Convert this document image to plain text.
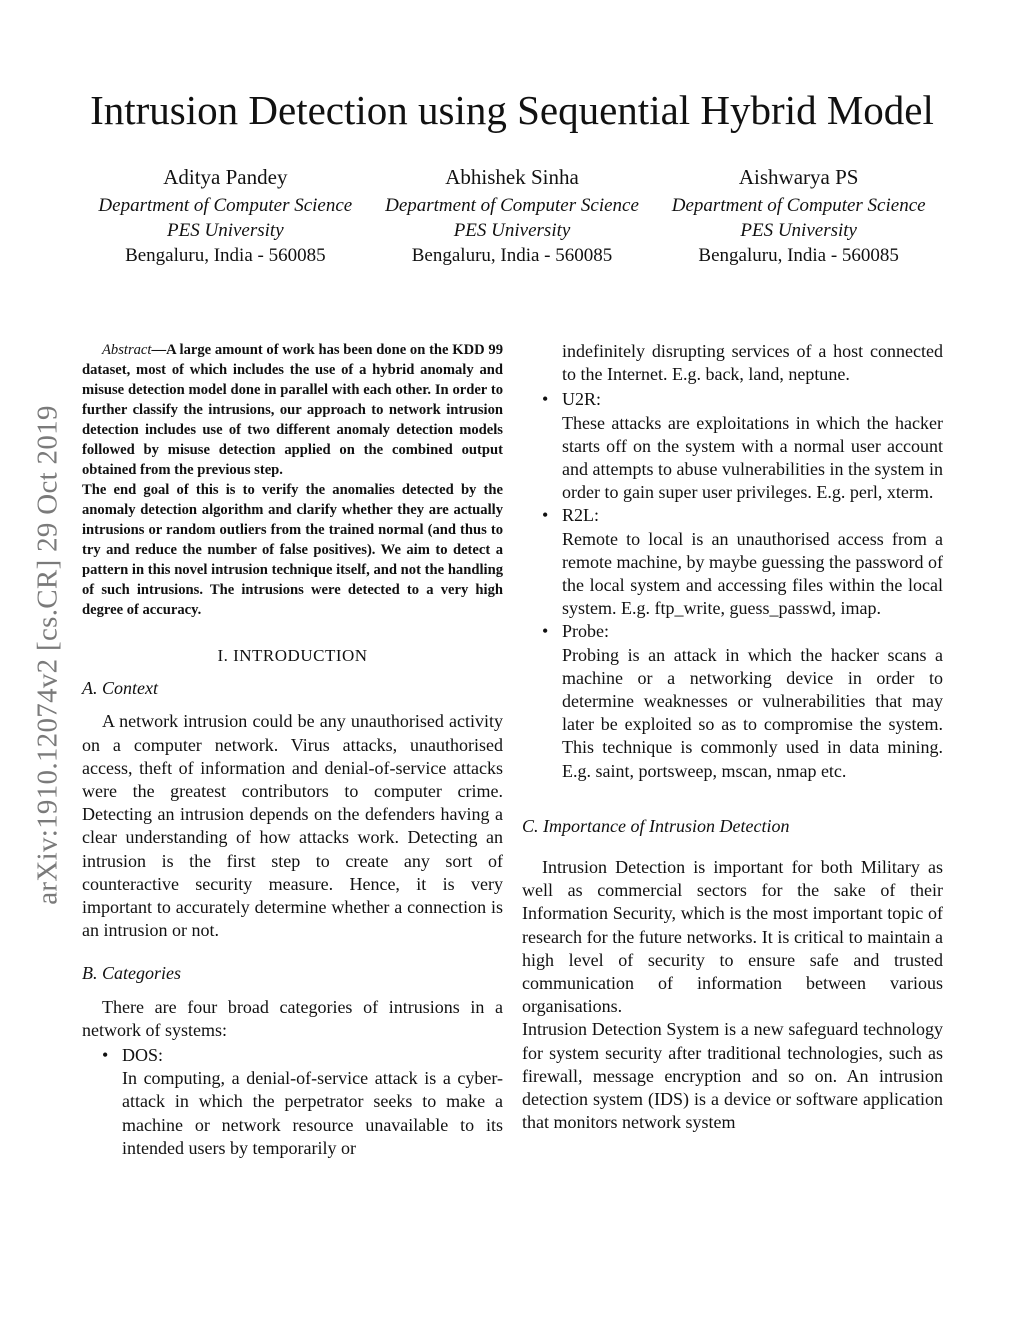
arXiv:1910.12074v2 [cs.CR] 29 Oct 2019
Intrusion Detection using Sequential Hybrid Model
Aditya Pandey
Department of Computer Science
PES University
Bengaluru, India - 560085
Abhishek Sinha
Department of Computer Science
PES University
Bengaluru, India - 560085
Aishwarya PS
Department of Computer Science
PES University
Bengaluru, India - 560085

Abstract—A large amount of work has been done on the KDD 99 dataset, most of which includes the use of a hybrid anomaly and misuse detection model done in parallel with each other. In order to further classify the intrusions, our approach to network intrusion detection includes use of two different anomaly detection models followed by misuse detection applied on the combined output obtained from the previous step.

The end goal of this is to verify the anomalies detected by the anomaly detection algorithm and clarify whether they are actually intrusions or random outliers from the trained normal (and thus to try and reduce the number of false positives). We aim to detect a pattern in this novel intrusion technique itself, and not the handling of such intrusions. The intrusions were detected to a very high degree of accuracy.

I. INTRODUCTION
A. Context

A network intrusion could be any unauthorised activity on a computer network. Virus attacks, unauthorised access, theft of information and denial-of-service attacks were the greatest contributors to computer crime. Detecting an intrusion depends on the defenders having a clear understanding of how attacks work. Detecting an intrusion is the first step to create any sort of counteractive security measure. Hence, it is very important to accurately determine whether a connection is an intrusion or not.

B. Categories

There are four broad categories of intrusions in a network of systems:

• DOS:

In computing, a denial-of-service attack is a cyber-attack in which the perpetrator seeks to make a machine or network resource unavailable to its intended users by temporarily or

indefinitely disrupting services of a host connected to the Internet. E.g. back, land, neptune.

• U2R:

These attacks are exploitations in which the hacker starts off on the system with a normal user account and attempts to abuse vulnerabilities in the system in order to gain super user privileges. E.g. perl, xterm.

• R2L:

Remote to local is an unauthorised access from a remote machine, by maybe guessing the password of the local system and accessing files within the local system. E.g. ftp_write, guess_passwd, imap.

• Probe:

Probing is an attack in which the hacker scans a machine or a networking device in order to determine weaknesses or vulnerabilities that may later be exploited so as to compromise the system. This technique is commonly used in data mining. E.g. saint, portsweep, mscan, nmap etc.

C. Importance of Intrusion Detection

Intrusion Detection is important for both Military as well as commercial sectors for the sake of their Information Security, which is the most important topic of research for the future networks. It is critical to maintain a high level of security to ensure safe and trusted communication of information between various organisations.

Intrusion Detection System is a new safeguard technology for system security after traditional technologies, such as firewall, message encryption and so on. An intrusion detection system (IDS) is a device or software application that monitors network system
